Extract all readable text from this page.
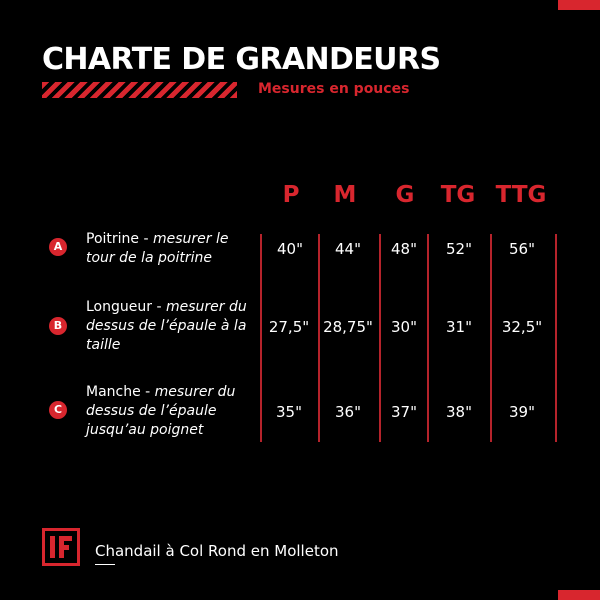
CHARTE DE GRANDEURS
Mesures en pouces
P M G TG TTG
A	Poitrine - mesurer le tour de la poitrine	40" 44" 48" 52" 56"
B
Longueur - mesurer du dessus de l’épaule à la taille
27,5" 28,75" 30" 31" 32,5"
C
Manche - mesurer du dessus de l’épaule jusqu’au poignet
35" 36" 37" 38" 39"
Chandail à Col Rond en Molleton
